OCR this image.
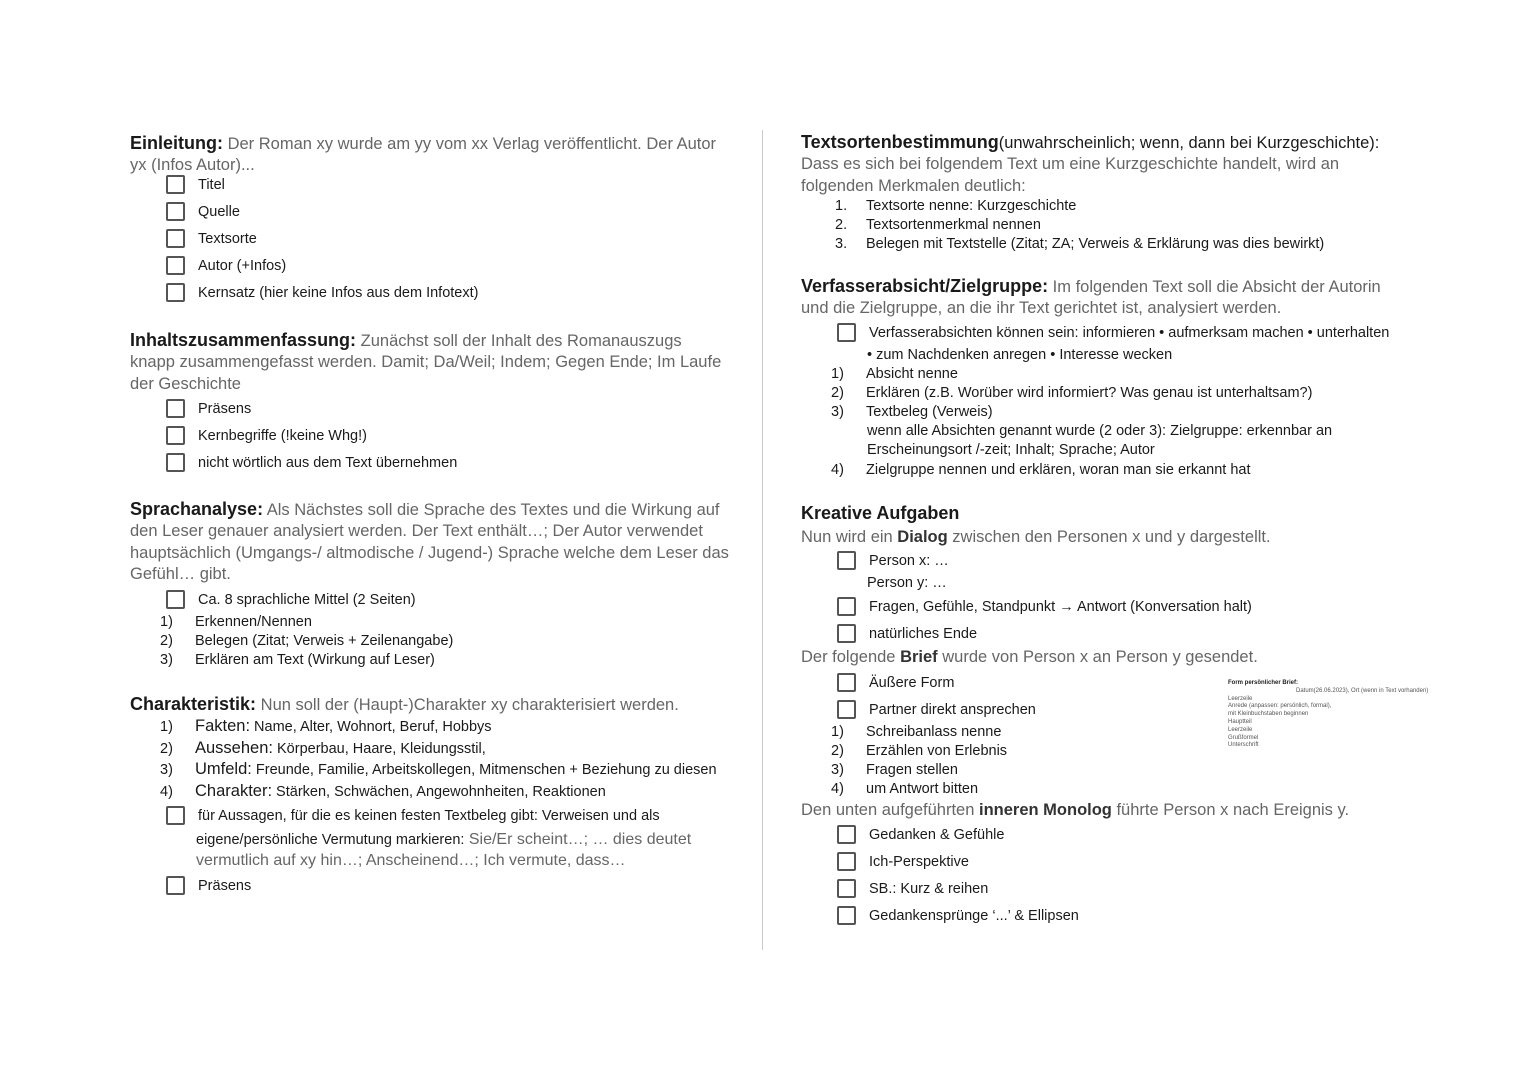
Einleitung: Der Roman xy wurde am yy vom xx Verlag veröffentlicht. Der Autor
yx (Infos Autor)...
Titel
Quelle
Textsorte
Autor (+Infos)
Kernsatz (hier keine Infos aus dem Infotext)
Inhaltszusammenfassung: Zunächst soll der Inhalt des Romanauszugs
knapp zusammengefasst werden. Damit; Da/Weil; Indem; Gegen Ende; Im Laufe
der Geschichte
Präsens
Kernbegriffe (!keine Whg!)
nicht wörtlich aus dem Text übernehmen
Sprachanalyse: Als Nächstes soll die Sprache des Textes und die Wirkung auf
den Leser genauer analysiert werden. Der Text enthält…; Der Autor verwendet
hauptsächlich (Umgangs-/ altmodische / Jugend-) Sprache welche dem Leser das
Gefühl… gibt.
Ca. 8 sprachliche Mittel (2 Seiten)
1) Erkennen/Nennen
2) Belegen (Zitat; Verweis + Zeilenangabe)
3) Erklären am Text (Wirkung auf Leser)
Charakteristik: Nun soll der (Haupt-)Charakter xy charakterisiert werden.
1) Fakten: Name, Alter, Wohnort, Beruf, Hobbys
2) Aussehen: Körperbau, Haare, Kleidungsstil,
3) Umfeld: Freunde, Familie, Arbeitskollegen, Mitmenschen + Beziehung zu diesen
4) Charakter: Stärken, Schwächen, Angewohnheiten, Reaktionen
für Aussagen, für die es keinen festen Textbeleg gibt: Verweisen und als
eigene/persönliche Vermutung markieren: Sie/Er scheint…; … dies deutet
vermutlich auf xy hin…; Anscheinend…; Ich vermute, dass…
Präsens
Textsortenbestimmung(unwahrscheinlich; wenn, dann bei Kurzgeschichte):
Dass es sich bei folgendem Text um eine Kurzgeschichte handelt, wird an
folgenden Merkmalen deutlich:
1. Textsorte nenne: Kurzgeschichte
2. Textsortenmerkmal nennen
3. Belegen mit Textstelle (Zitat; ZA; Verweis & Erklärung was dies bewirkt)
Verfasserabsicht/Zielgruppe: Im folgenden Text soll die Absicht der Autorin
und die Zielgruppe, an die ihr Text gerichtet ist, analysiert werden.
Verfasserabsichten können sein: informieren • aufmerksam machen • unterhalten
• zum Nachdenken anregen • Interesse wecken
1) Absicht nenne
2) Erklären (z.B. Worüber wird informiert? Was genau ist unterhaltsam?)
3) Textbeleg (Verweis)
wenn alle Absichten genannt wurde (2 oder 3): Zielgruppe: erkennbar an
Erscheinungsort /-zeit; Inhalt; Sprache; Autor
4) Zielgruppe nennen und erklären, woran man sie erkannt hat
Kreative Aufgaben
Nun wird ein Dialog zwischen den Personen x und y dargestellt.
Person x: …
Person y: …
Fragen, Gefühle, Standpunkt → Antwort (Konversation halt)
natürliches Ende
Der folgende Brief wurde von Person x an Person y gesendet.
Äußere Form
Partner direkt ansprechen
1) Schreibanlass nenne
2) Erzählen von Erlebnis
3) Fragen stellen
4) um Antwort bitten
Den unten aufgeführten inneren Monolog führte Person x nach Ereignis y.
Gedanken & Gefühle
Ich-Perspektive
SB.: Kurz & reihen
Gedankensprünge ‘...’ & Ellipsen
Form persönlicher Brief:
Datum(26.06.2023), Ort (wenn in Text vorhanden)
Leerzeile
Anrede (anpassen: persönlich, formal),
mit Kleinbuchstaben beginnen
Hauptteil
Leerzeile
Grußformel
Unterschrift
